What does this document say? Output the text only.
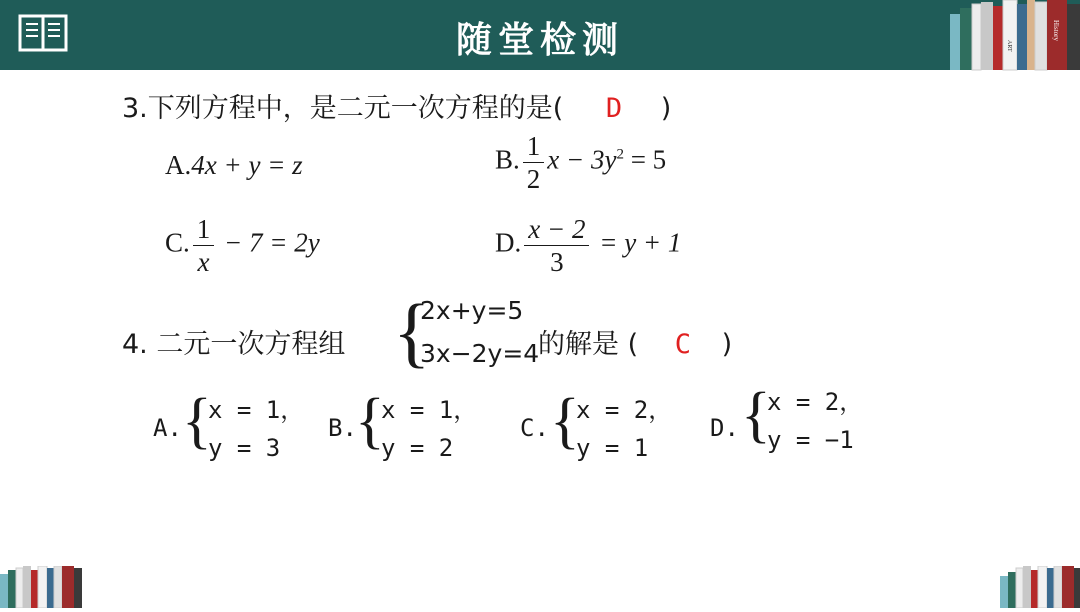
随堂检测	ART
History
3.下列方程中，是二元一次方程的是( D )
A.4x + y = z	B. $\frac{1}{2}$ $x - 3y^2 = 5$
C. $\frac{1}{x} - 7 = 2y$	D. $\frac{x - 2}{3} = y + 1$
4. 二元一次方程组 {
2x+y=5
3x−2y=4
的解是 ( C )
A. {
x = 1，
y = 3
B.
{
x = 1，
y = 2
C. {
x = 2，
y = 1
D. {
x = 2，
y = −1
